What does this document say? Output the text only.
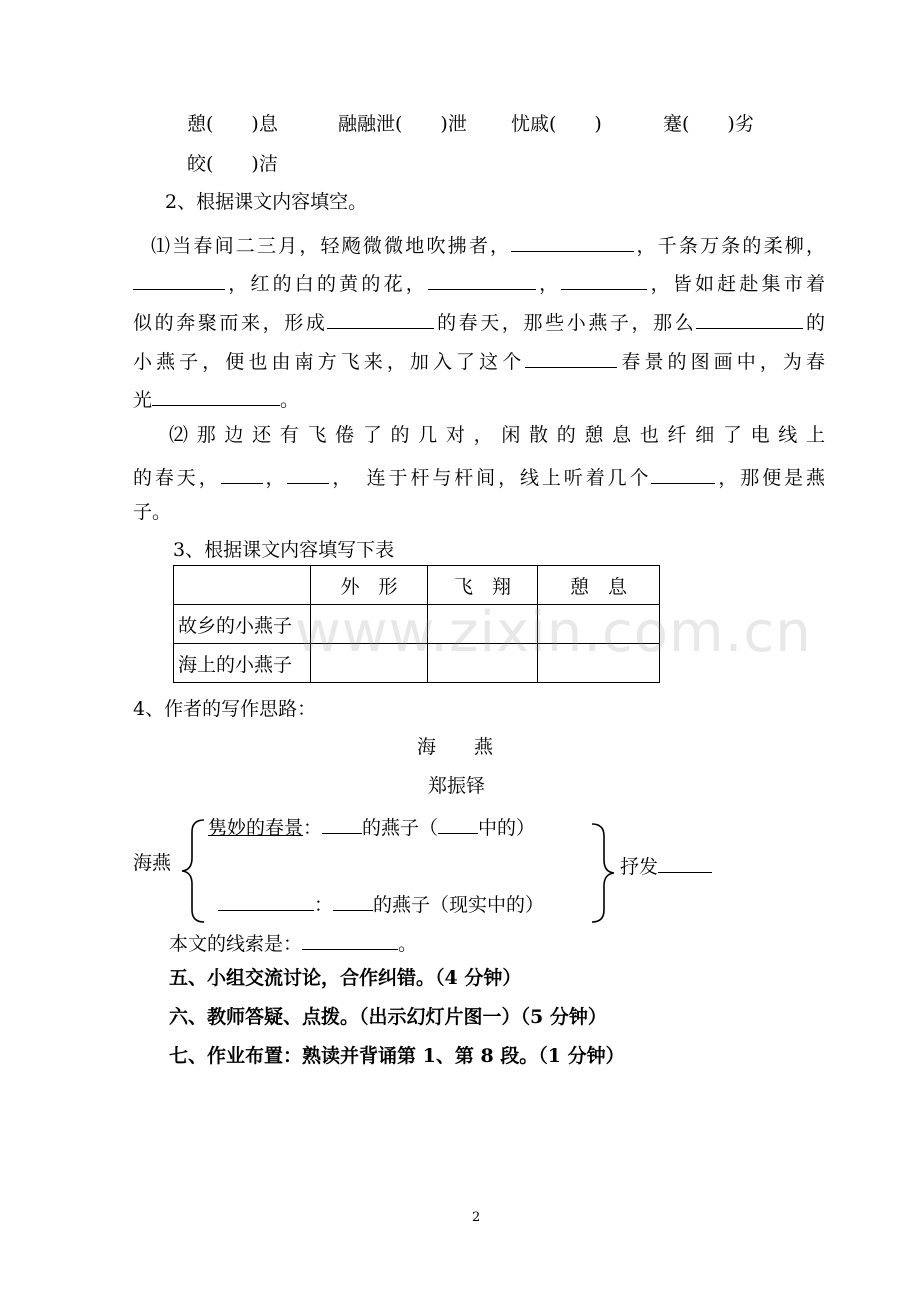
憩(　　)息	融融泄(　　)泄 忧戚(　　)	蹇(　　)劣
皎(　　)洁
2、根据课文内容填空。
⑴当春间二三月，轻飏微微地吹拂者，	，千条万条的柔柳，
，红的白的黄的花，	，	，皆如赶赴集市着
似的奔聚而来，形成	的春天，那些小燕子，那么	的
小燕子，便也由南方飞来，加入了这个	春景的图画中，为春
光	。
⑵那边还有飞倦了的几对，闲散的憩息也纤细了电线上
的春天， ， ，　连于杆与杆间，线上听着几个	，那便是燕
子。
3、根据课文内容填写下表
	外　形	飞　翔	憩　息
故乡的小燕子			
海上的小燕子			www.zixin.com.cn
4、作者的写作思路：
海　　燕
郑振铎
海燕
隽妙的春景： 的燕子（ 中的）
： 的燕子（现实中的）
抒发
本文的线索是：	。
五、小组交流讨论，合作纠错。（4 分钟）
六、教师答疑、点拨。（出示幻灯片图一）（5 分钟）
七、作业布置：熟读并背诵第 1、第 8 段。（1 分钟）
2
